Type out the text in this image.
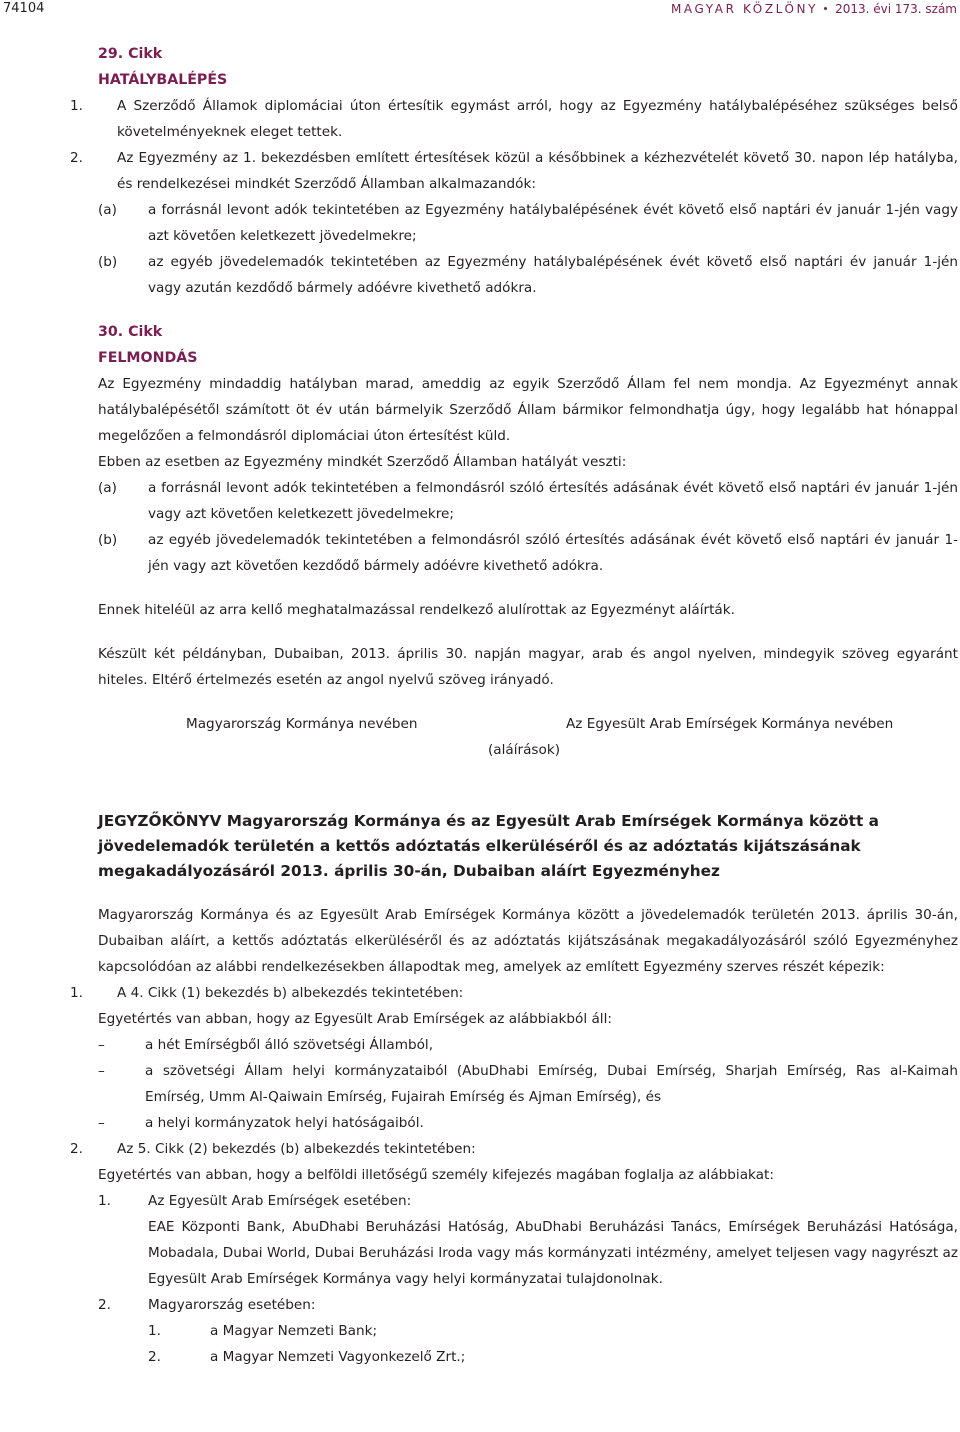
74104	MAGYAR KÖZLÖNY 2013. évi 173. szám

29. Cikk

HATÁLYBALÉPÉS

1.	A Szerződő Államok diplomáciai úton értesítik egymást arról, hogy az Egyezmény hatálybalépéséhez szükséges belső követelményeknek eleget tettek.

2.	Az Egyezmény az 1. bekezdésben említett értesítések közül a későbbinek a kézhezvételét követő 30. napon lép hatályba, és rendelkezései mindkét Szerződő Államban alkalmazandók:

(a) a forrásnál levont adók tekintetében az Egyezmény hatálybalépésének évét követő első naptári év január 1-jén vagy azt követően keletkezett jövedelmekre;

(b) az egyéb jövedelemadók tekintetében az Egyezmény hatálybalépésének évét követő első naptári év január 1-jén vagy azután kezdődő bármely adóévre kivethető adókra.

30. Cikk

FELMONDÁS

Az Egyezmény mindaddig hatályban marad, ameddig az egyik Szerződő Állam fel nem mondja. Az Egyezményt annak hatálybalépésétől számított öt év után bármelyik Szerződő Állam bármikor felmondhatja úgy, hogy legalább hat hónappal megelőzően a felmondásról diplomáciai úton értesítést küld.

Ebben az esetben az Egyezmény mindkét Szerződő Államban hatályát veszti:

(a) a forrásnál levont adók tekintetében a felmondásról szóló értesítés adásának évét követő első naptári év január 1-jén vagy azt követően keletkezett jövedelmekre;

(b) az egyéb jövedelemadók tekintetében a felmondásról szóló értesítés adásának évét követő első naptári év január 1-jén vagy azt követően kezdődő bármely adóévre kivethető adókra.

Ennek hiteléül az arra kellő meghatalmazással rendelkező alulírottak az Egyezményt aláírták.

Készült két példányban, Dubaiban, 2013. április 30. napján magyar, arab és angol nyelven, mindegyik szöveg egyaránt hiteles. Eltérő értelmezés esetén az angol nyelvű szöveg irányadó.

Magyarország Kormánya nevében	Az Egyesült Arab Emírségek Kormánya nevében
(aláírások)

JEGYZŐKÖNYV Magyarország Kormánya és az Egyesült Arab Emírségek Kormánya között a jövedelemadók területén a kettős adóztatás elkerüléséről és az adóztatás kijátszásának megakadályozásáról 2013. április 30-án, Dubaiban aláírt Egyezményhez

Magyarország Kormánya és az Egyesült Arab Emírségek Kormánya között a jövedelemadók területén 2013. április 30-án, Dubaiban aláírt, a kettős adóztatás elkerüléséről és az adóztatás kijátszásának megakadályozásáról szóló Egyezményhez kapcsolódóan az alábbi rendelkezésekben állapodtak meg, amelyek az említett Egyezmény szerves részét képezik:

1.	A 4. Cikk (1) bekezdés b) albekezdés tekintetében:

Egyetértés van abban, hogy az Egyesült Arab Emírségek az alábbiakból áll:

–	a hét Emírségből álló szövetségi Államból,

–	a szövetségi Állam helyi kormányzataiból (AbuDhabi Emírség, Dubai Emírség, Sharjah Emírség, Ras al-Kaimah Emírség, Umm Al-Qaiwain Emírség, Fujairah Emírség és Ajman Emírség), és

–	a helyi kormányzatok helyi hatóságaiból.

2.	Az 5. Cikk (2) bekezdés (b) albekezdés tekintetében:

Egyetértés van abban, hogy a belföldi illetőségű személy kifejezés magában foglalja az alábbiakat:

1.	Az Egyesült Arab Emírségek esetében:

EAE Központi Bank, AbuDhabi Beruházási Hatóság, AbuDhabi Beruházási Tanács, Emírségek Beruházási Hatósága, Mobadala, Dubai World, Dubai Beruházási Iroda vagy más kormányzati intézmény, amelyet teljesen vagy nagyrészt az Egyesült Arab Emírségek Kormánya vagy helyi kormányzatai tulajdonolnak.

2.	Magyarország esetében:

1.	a Magyar Nemzeti Bank;

2.	a Magyar Nemzeti Vagyonkezelő Zrt.;
